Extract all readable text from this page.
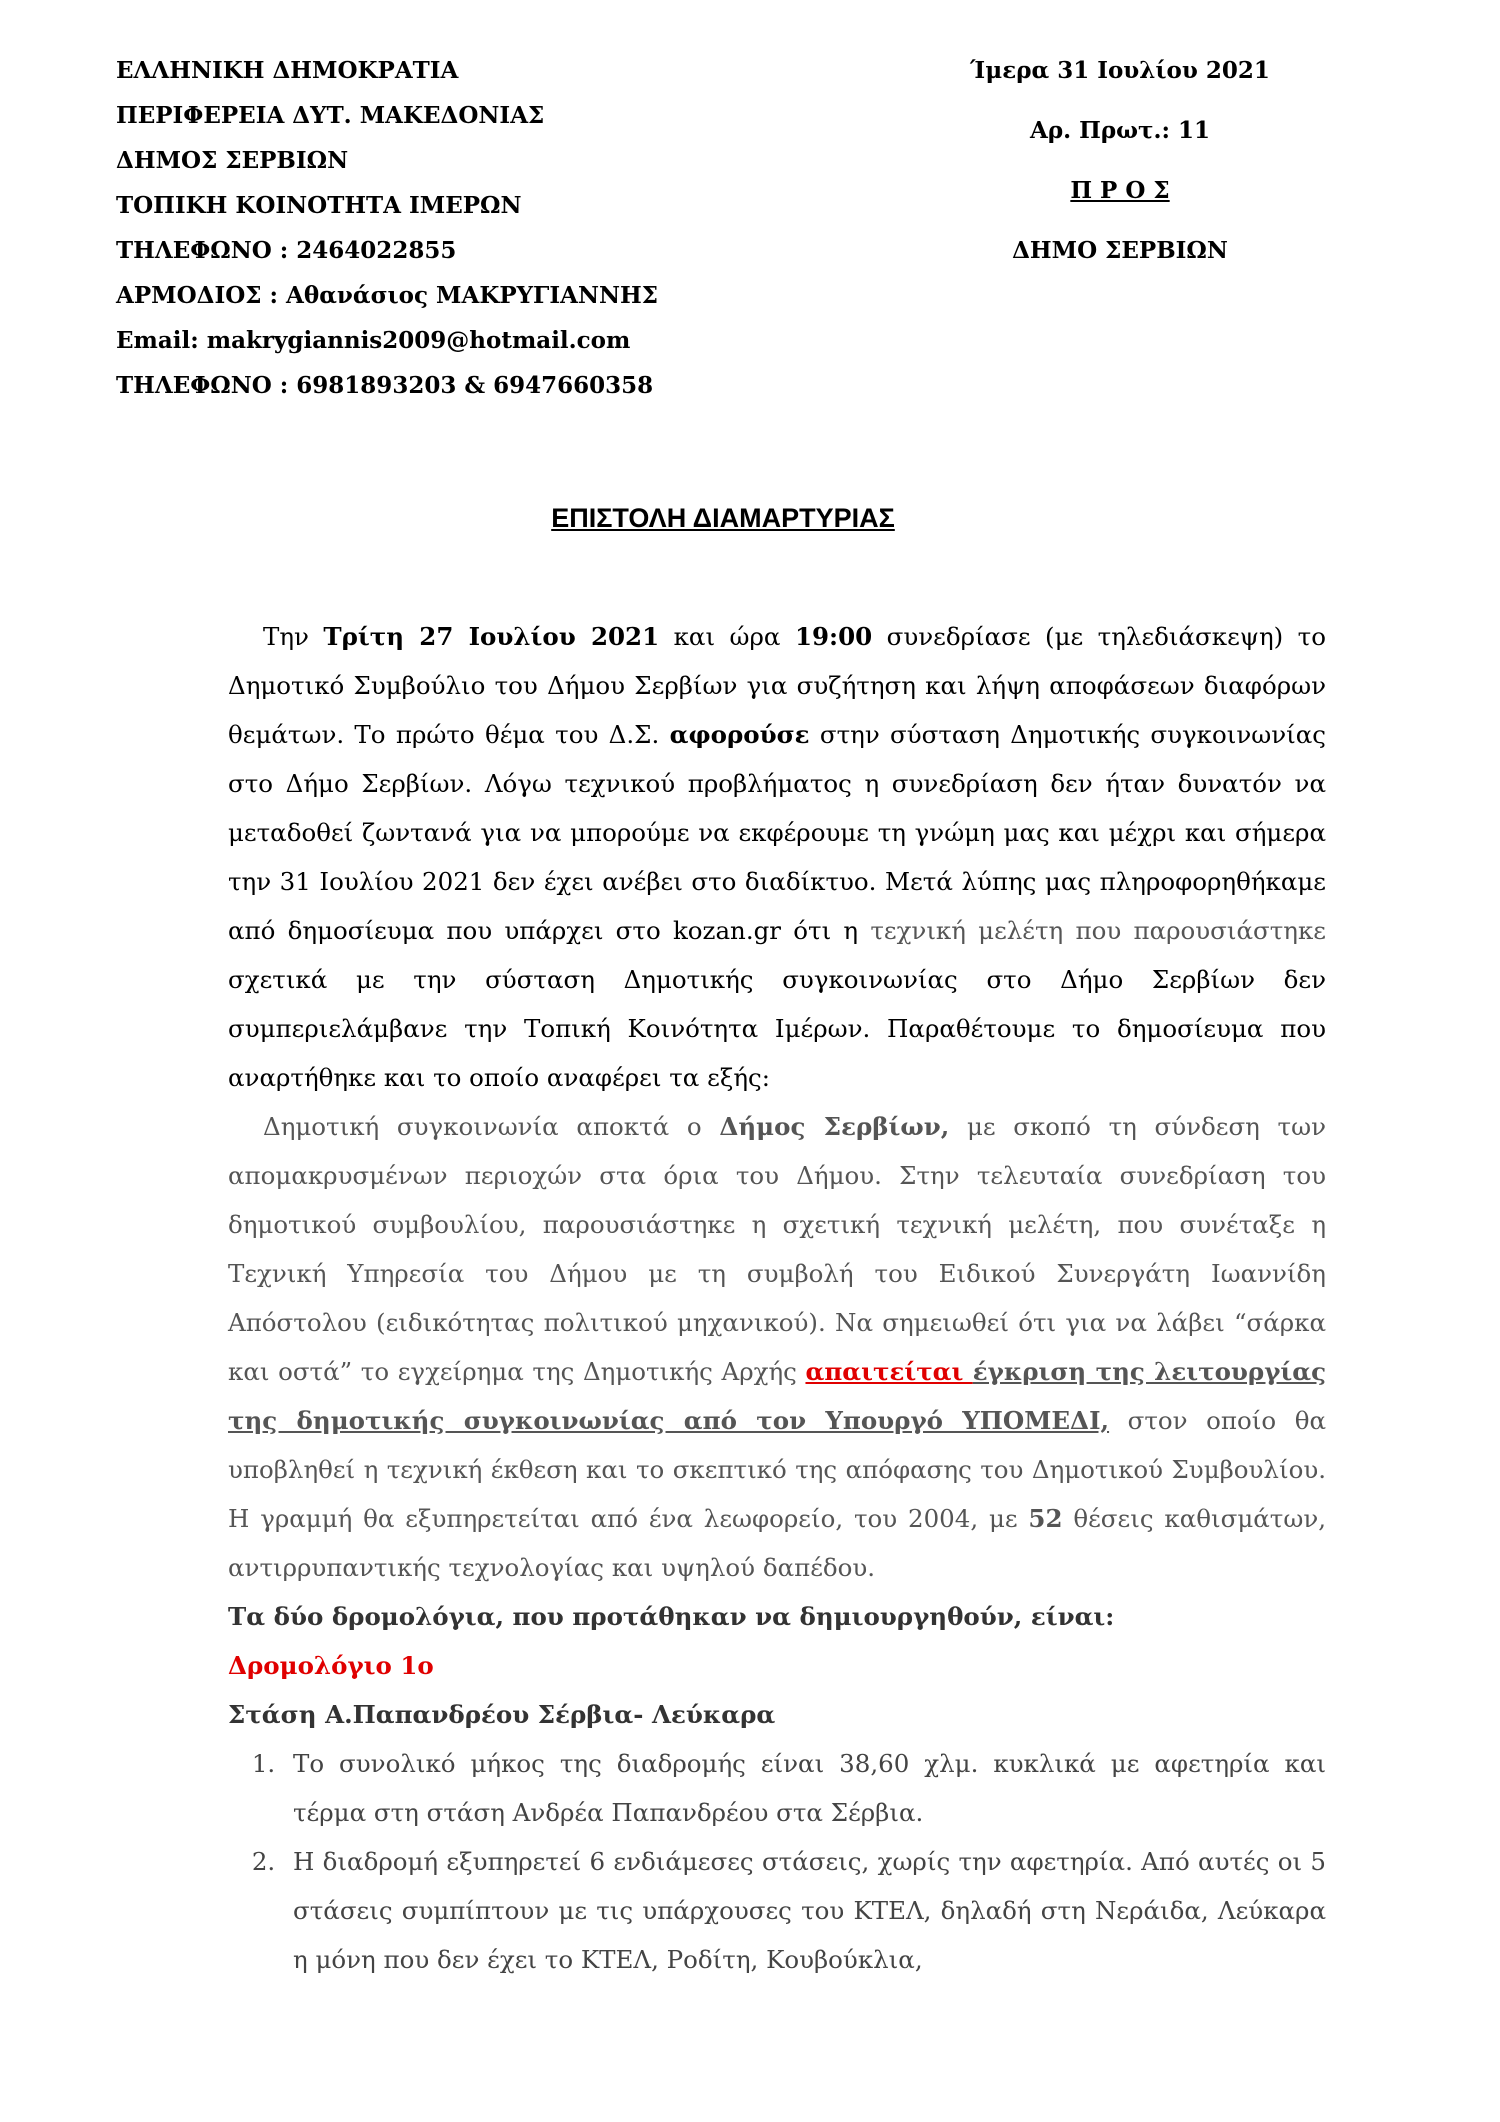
ΕΛΛΗΝΙΚΗ ΔΗΜΟΚΡΑΤΙΑ
ΠΕΡΙΦΕΡΕΙΑ ΔΥΤ. ΜΑΚΕΔΟΝΙΑΣ
ΔΗΜΟΣ ΣΕΡΒΙΩΝ
ΤΟΠΙΚΗ ΚΟΙΝΟΤΗΤΑ ΙΜΕΡΩΝ
ΤΗΛΕΦΩΝΟ : 2464022855
ΑΡΜΟΔΙΟΣ : Αθανάσιος ΜΑΚΡΥΓΙΑΝΝΗΣ
Email: makrygiannis2009@hotmail.com
ΤΗΛΕΦΩΝΟ : 6981893203 & 6947660358
Ίμερα 31 Ιουλίου 2021
Αρ. Πρωτ.: 11
Π Ρ Ο Σ
ΔΗΜΟ ΣΕΡΒΙΩΝ
ΕΠΙΣΤΟΛΗ ΔΙΑΜΑΡΤΥΡΙΑΣ

Την Τρίτη 27 Ιουλίου 2021 και ώρα 19:00 συνεδρίασε (με τηλεδιάσκεψη) το Δημοτικό Συμβούλιο του Δήμου Σερβίων για συζήτηση και λήψη αποφάσεων διαφόρων θεμάτων. Το πρώτο θέμα του Δ.Σ. αφορούσε στην σύσταση Δημοτικής συγκοινωνίας στο Δήμο Σερβίων. Λόγω τεχνικού προβλήματος η συνεδρίαση δεν ήταν δυνατόν να μεταδοθεί ζωντανά για να μπορούμε να εκφέρουμε τη γνώμη μας και μέχρι και σήμερα την 31 Ιουλίου 2021 δεν έχει ανέβει στο διαδίκτυο. Μετά λύπης μας πληροφορηθήκαμε από δημοσίευμα που υπάρχει στο kozan.gr ότι η τεχνική μελέτη που παρουσιάστηκε σχετικά με την σύσταση Δημοτικής συγκοινωνίας στο Δήμο Σερβίων δεν συμπεριελάμβανε την Τοπική Κοινότητα Ιμέρων. Παραθέτουμε το δημοσίευμα που αναρτήθηκε και το οποίο αναφέρει τα εξής:

Δημοτική συγκοινωνία αποκτά ο Δήμος Σερβίων, με σκοπό τη σύνδεση των απομακρυσμένων περιοχών στα όρια του Δήμου. Στην τελευταία συνεδρίαση του δημοτικού συμβουλίου, παρουσιάστηκε η σχετική τεχνική μελέτη, που συνέταξε η Τεχνική Υπηρεσία του Δήμου με τη συμβολή του Ειδικού Συνεργάτη Ιωαννίδη Απόστολου (ειδικότητας πολιτικού μηχανικού). Να σημειωθεί ότι για να λάβει “σάρκα και οστά” το εγχείρημα της Δημοτικής Αρχής απαιτείται έγκριση της λειτουργίας της δημοτικής συγκοινωνίας από τον Υπουργό ΥΠΟΜΕΔΙ, στον οποίο θα υποβληθεί η τεχνική έκθεση και το σκεπτικό της απόφασης του Δημοτικού Συμβουλίου. Η γραμμή θα εξυπηρετείται από ένα λεωφορείο, του 2004, με 52 θέσεις καθισμάτων, αντιρρυπαντικής τεχνολογίας και υψηλού δαπέδου.

Τα δύο δρομολόγια, που προτάθηκαν να δημιουργηθούν, είναι:

Δρομολόγιο 1ο

Στάση Α.Παπανδρέου Σέρβια- Λεύκαρα

1. Το συνολικό μήκος της διαδρομής είναι 38,60 χλμ. κυκλικά με αφετηρία και τέρμα στη στάση Ανδρέα Παπανδρέου στα Σέρβια.
2. Η διαδρομή εξυπηρετεί 6 ενδιάμεσες στάσεις, χωρίς την αφετηρία. Από αυτές οι 5 στάσεις συμπίπτουν με τις υπάρχουσες του ΚΤΕΛ, δηλαδή στη Νεράιδα, Λεύκαρα η μόνη που δεν έχει το ΚΤΕΛ, Ροδίτη, Κουβούκλια,
